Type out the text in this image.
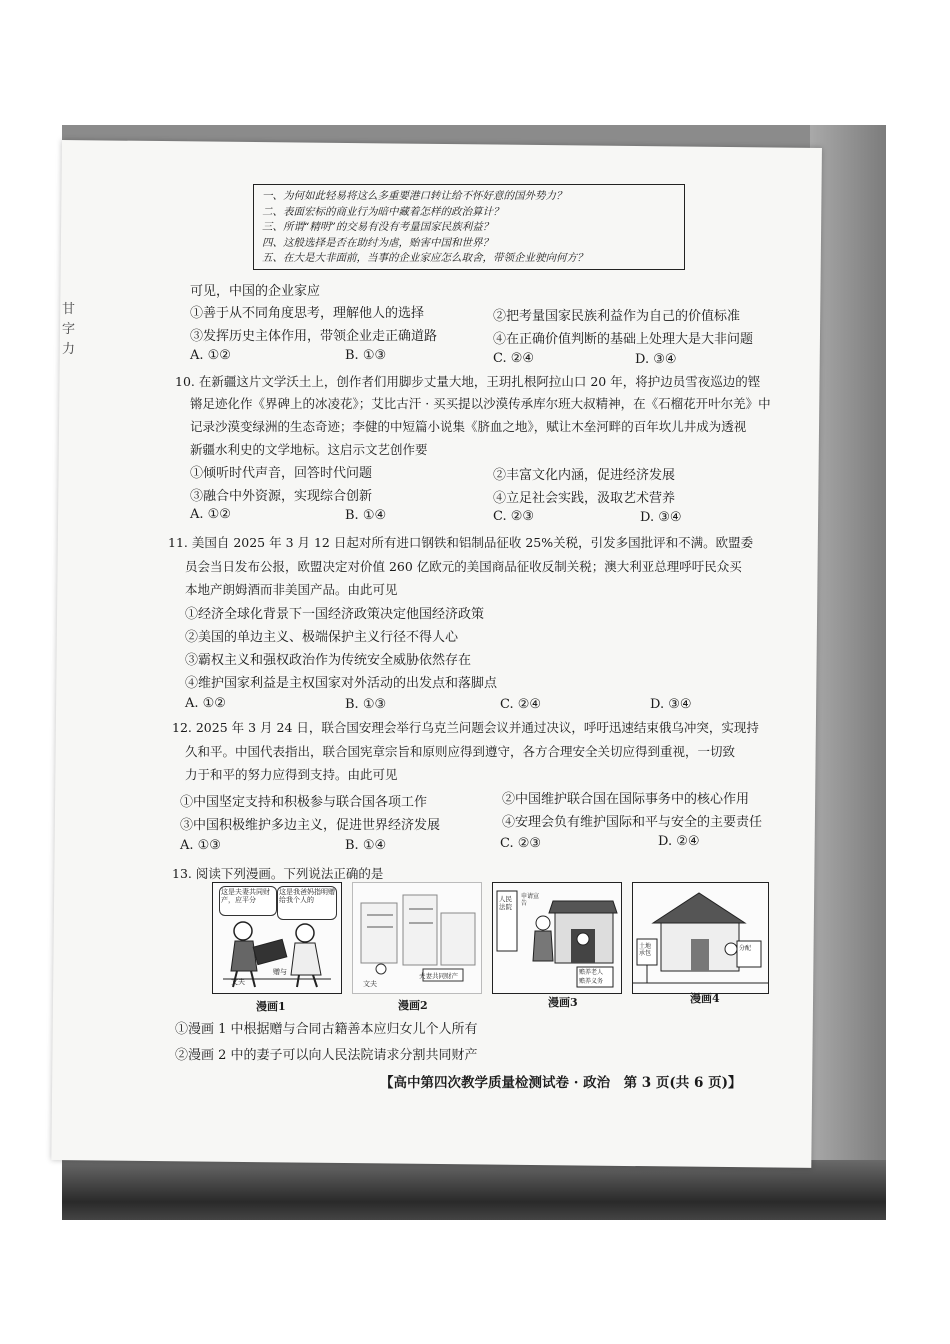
甘
字
力
一、为何如此轻易将这么多重要港口转让给不怀好意的国外势力？
二、表面宏标的商业行为暗中藏着怎样的政治算计？
三、所谓“精明”的交易有没有考量国家民族利益？
四、这般选择是否在助纣为虐，贻害中国和世界？
五、在大是大非面前，当事的企业家应怎么取舍，带领企业驶向何方？
可见，中国的企业家应
①善于从不同角度思考，理解他人的选择	②把考量国家民族利益作为自己的价值标准
③发挥历史主体作用，带领企业走正确道路	④在正确价值判断的基础上处理大是大非问题
A. ①②	B. ①③	C. ②④	D. ③④
10. 在新疆这片文学沃土上，创作者们用脚步丈量大地，王玥扎根阿拉山口 20 年，将护边员雪夜巡边的铿
锵足迹化作《界碑上的冰凌花》；艾比古汗 · 买买提以沙漠传承库尔班大叔精神，在《石榴花开叶尔羌》中
记录沙漠变绿洲的生态奇迹；李健的中短篇小说集《脐血之地》，赋让木垒河畔的百年坎儿井成为透视
新疆水利史的文学地标。这启示文艺创作要
①倾听时代声音，回答时代问题	②丰富文化内涵，促进经济发展
③融合中外资源，实现综合创新	④立足社会实践，汲取艺术营养
A. ①②	B. ①④	C. ②③	D. ③④
11. 美国自 2025 年 3 月 12 日起对所有进口钢铁和铝制品征收 25%关税，引发多国批评和不满。欧盟委
员会当日发布公报，欧盟决定对价值 260 亿欧元的美国商品征收反制关税；澳大利亚总理呼吁民众买
本地产朗姆酒而非美国产品。由此可见
①经济全球化背景下一国经济政策决定他国经济政策
②美国的单边主义、极端保护主义行径不得人心
③霸权主义和强权政治作为传统安全威胁依然存在
④维护国家利益是主权国家对外活动的出发点和落脚点
A. ①②	B. ①③	C. ②④	D. ③④
12. 2025 年 3 月 24 日，联合国安理会举行乌克兰问题会议并通过决议，呼吁迅速结束俄乌冲突，实现持
久和平。中国代表指出，联合国宪章宗旨和原则应得到遵守，各方合理安全关切应得到重视，一切致
力于和平的努力应得到支持。由此可见
①中国坚定支持和积极参与联合国各项工作	②中国维护联合国在国际事务中的核心作用
③中国积极维护多边主义，促进世界经济发展	④安理会负有维护国际和平与安全的主要责任
A. ①③	B. ①④	C. ②③	D. ②④
13. 阅读下列漫画。下列说法正确的是
这是夫妻共同财产，应平分
这是我爸妈指明赠给我个人的
文夫
赠与
文夫
夫妻共同财产
人民法院
申请宣告
赡养老人
赡养义务
土地承包
分配
漫画1	漫画2	漫画3	漫画4
①漫画 1 中根据赠与合同古籍善本应归女儿个人所有
②漫画 2 中的妻子可以向人民法院请求分割共同财产
【高中第四次教学质量检测试卷 · 政治　第 3 页(共 6 页)】
